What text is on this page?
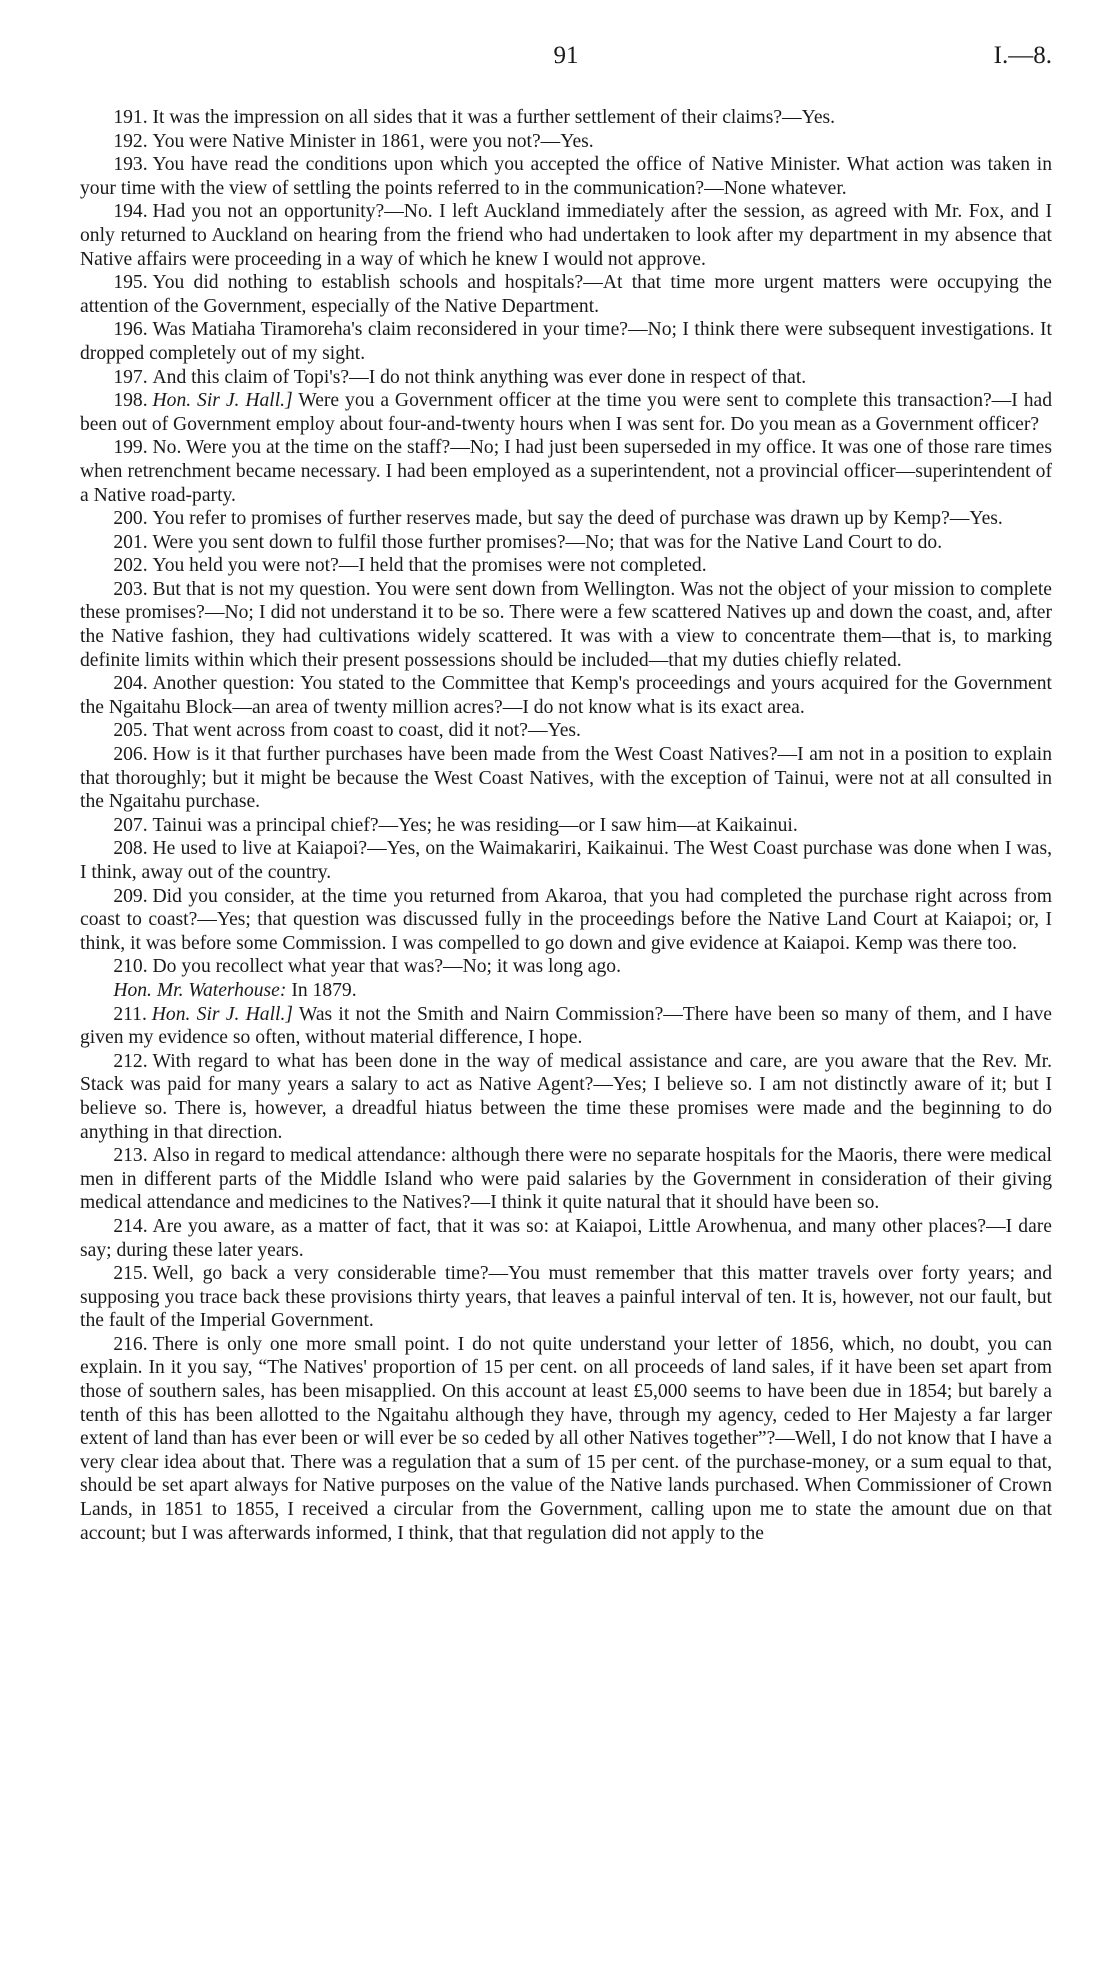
91	I.—8.

191. It was the impression on all sides that it was a further settlement of their claims?—Yes.

192. You were Native Minister in 1861, were you not?—Yes.

193. You have read the conditions upon which you accepted the office of Native Minister. What action was taken in your time with the view of settling the points referred to in the communication?—None whatever.

194. Had you not an opportunity?—No. I left Auckland immediately after the session, as agreed with Mr. Fox, and I only returned to Auckland on hearing from the friend who had undertaken to look after my department in my absence that Native affairs were proceeding in a way of which he knew I would not approve.

195. You did nothing to establish schools and hospitals?—At that time more urgent matters were occupying the attention of the Government, especially of the Native Department.

196. Was Matiaha Tiramoreha's claim reconsidered in your time?—No; I think there were subsequent investigations. It dropped completely out of my sight.

197. And this claim of Topi's?—I do not think anything was ever done in respect of that.

198. Hon. Sir J. Hall.] Were you a Government officer at the time you were sent to complete this transaction?—I had been out of Government employ about four-and-twenty hours when I was sent for. Do you mean as a Government officer?

199. No. Were you at the time on the staff?—No; I had just been superseded in my office. It was one of those rare times when retrenchment became necessary. I had been employed as a superintendent, not a provincial officer—superintendent of a Native road-party.

200. You refer to promises of further reserves made, but say the deed of purchase was drawn up by Kemp?—Yes.

201. Were you sent down to fulfil those further promises?—No; that was for the Native Land Court to do.

202. You held you were not?—I held that the promises were not completed.

203. But that is not my question. You were sent down from Wellington. Was not the object of your mission to complete these promises?—No; I did not understand it to be so. There were a few scattered Natives up and down the coast, and, after the Native fashion, they had cultivations widely scattered. It was with a view to concentrate them—that is, to marking definite limits within which their present possessions should be included—that my duties chiefly related.

204. Another question: You stated to the Committee that Kemp's proceedings and yours acquired for the Government the Ngaitahu Block—an area of twenty million acres?—I do not know what is its exact area.

205. That went across from coast to coast, did it not?—Yes.

206. How is it that further purchases have been made from the West Coast Natives?—I am not in a position to explain that thoroughly; but it might be because the West Coast Natives, with the exception of Tainui, were not at all consulted in the Ngaitahu purchase.

207. Tainui was a principal chief?—Yes; he was residing—or I saw him—at Kaikainui.

208. He used to live at Kaiapoi?—Yes, on the Waimakariri, Kaikainui. The West Coast purchase was done when I was, I think, away out of the country.

209. Did you consider, at the time you returned from Akaroa, that you had completed the purchase right across from coast to coast?—Yes; that question was discussed fully in the proceedings before the Native Land Court at Kaiapoi; or, I think, it was before some Commission. I was compelled to go down and give evidence at Kaiapoi. Kemp was there too.

210. Do you recollect what year that was?—No; it was long ago.

Hon. Mr. Waterhouse: In 1879.

211. Hon. Sir J. Hall.] Was it not the Smith and Nairn Commission?—There have been so many of them, and I have given my evidence so often, without material difference, I hope.

212. With regard to what has been done in the way of medical assistance and care, are you aware that the Rev. Mr. Stack was paid for many years a salary to act as Native Agent?—Yes; I believe so. I am not distinctly aware of it; but I believe so. There is, however, a dreadful hiatus between the time these promises were made and the beginning to do anything in that direction.

213. Also in regard to medical attendance: although there were no separate hospitals for the Maoris, there were medical men in different parts of the Middle Island who were paid salaries by the Government in consideration of their giving medical attendance and medicines to the Natives?—I think it quite natural that it should have been so.

214. Are you aware, as a matter of fact, that it was so: at Kaiapoi, Little Arowhenua, and many other places?—I dare say; during these later years.

215. Well, go back a very considerable time?—You must remember that this matter travels over forty years; and supposing you trace back these provisions thirty years, that leaves a painful interval of ten. It is, however, not our fault, but the fault of the Imperial Government.

216. There is only one more small point. I do not quite understand your letter of 1856, which, no doubt, you can explain. In it you say, “The Natives' proportion of 15 per cent. on all proceeds of land sales, if it have been set apart from those of southern sales, has been misapplied. On this account at least £5,000 seems to have been due in 1854; but barely a tenth of this has been allotted to the Ngaitahu although they have, through my agency, ceded to Her Majesty a far larger extent of land than has ever been or will ever be so ceded by all other Natives together”?—Well, I do not know that I have a very clear idea about that. There was a regulation that a sum of 15 per cent. of the purchase-money, or a sum equal to that, should be set apart always for Native purposes on the value of the Native lands purchased. When Commissioner of Crown Lands, in 1851 to 1855, I received a circular from the Government, calling upon me to state the amount due on that account; but I was afterwards informed, I think, that that regulation did not apply to the
